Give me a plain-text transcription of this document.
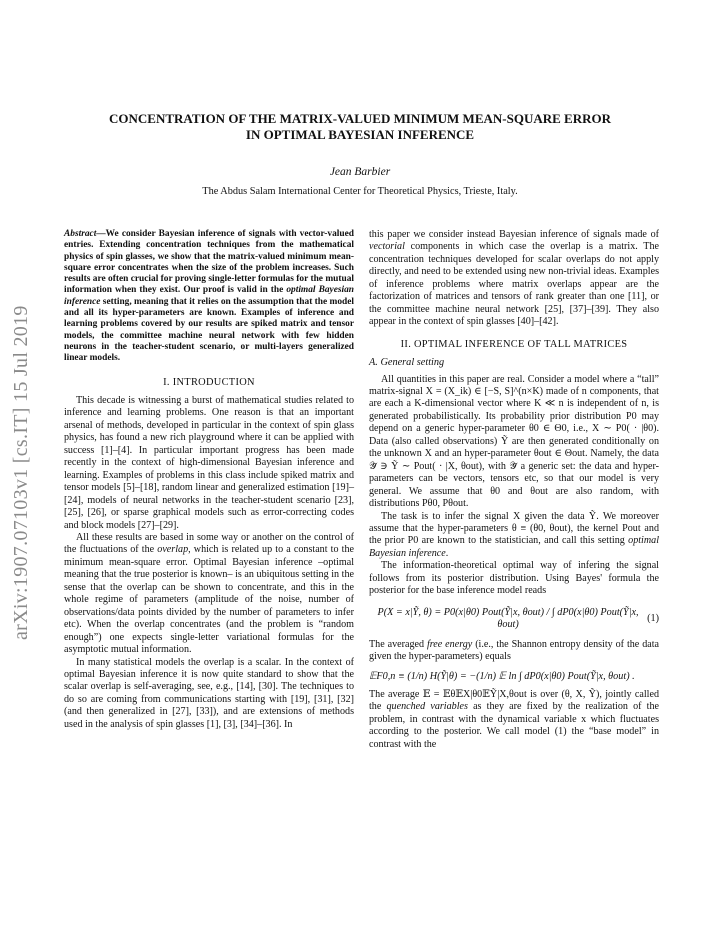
arXiv:1907.07103v1 [cs.IT] 15 Jul 2019
CONCENTRATION OF THE MATRIX-VALUED MINIMUM MEAN-SQUARE ERROR
IN OPTIMAL BAYESIAN INFERENCE
Jean Barbier
The Abdus Salam International Center for Theoretical Physics, Trieste, Italy.
Abstract—We consider Bayesian inference of signals with vector-valued entries. Extending concentration techniques from the mathematical physics of spin glasses, we show that the matrix-valued minimum mean-square error concentrates when the size of the problem increases. Such results are often crucial for proving single-letter formulas for the mutual information when they exist. Our proof is valid in the optimal Bayesian inference setting, meaning that it relies on the assumption that the model and all its hyper-parameters are known. Examples of inference and learning problems covered by our results are spiked matrix and tensor models, the committee machine neural network with few hidden neurons in the teacher-student scenario, or multi-layers generalized linear models.
I. INTRODUCTION

This decade is witnessing a burst of mathematical studies related to inference and learning problems. One reason is that an important arsenal of methods, developed in particular in the context of spin glass physics, has found a new rich playground where it can be applied with success [1]–[4]. In particular important progress has been made recently in the context of high-dimensional Bayesian inference and learning. Examples of problems in this class include spiked matrix and tensor models [5]–[18], random linear and generalized estimation [19]–[24], models of neural networks in the teacher-student scenario [23], [25], [26], or sparse graphical models such as error-correcting codes and block models [27]–[29].

All these results are based in some way or another on the control of the fluctuations of the overlap, which is related up to a constant to the minimum mean-square error. Optimal Bayesian inference –optimal meaning that the true posterior is known– is an ubiquitous setting in the sense that the overlap can be shown to concentrate, and this in the whole regime of parameters (amplitude of the noise, number of observations/data points divided by the number of parameters to infer etc). When the overlap concentrates (and the problem is “random enough”) one expects single-letter variational formulas for the asymptotic mutual information.

In many statistical models the overlap is a scalar. In the context of optimal Bayesian inference it is now quite standard to show that the scalar overlap is self-averaging, see, e.g., [14], [30]. The techniques to do so are coming from communications starting with [19], [31], [32] (and then generalized in [27], [33]), and are extensions of methods used in the analysis of spin glasses [1], [3], [34]–[36]. In

this paper we consider instead Bayesian inference of signals made of vectorial components in which case the overlap is a matrix. The concentration techniques developed for scalar overlaps do not apply directly, and need to be extended using new non-trivial ideas. Examples of inference problems where matrix overlaps appear are the factorization of matrices and tensors of rank greater than one [11], or the committee machine neural network [25], [37]–[39]. They also appear in the context of spin glasses [40]–[42].

II. OPTIMAL INFERENCE OF TALL MATRICES
A. General setting

All quantities in this paper are real. Consider a model where a “tall” matrix-signal X = (X_ik) ∈ [−S, S]^(n×K) made of n components, that are each a K-dimensional vector where K ≪ n is independent of n, is generated probabilistically. Its probability prior distribution P0 may depend on a generic hyper-parameter θ0 ∈ Θ0, i.e., X ∼ P0( · |θ0). Data (also called observations) Ỹ are then generated conditionally on the unknown X and an hyper-parameter θout ∈ Θout. Namely, the data 𝒴̃ ∋ Ỹ ∼ Pout( · |X, θout), with 𝒴̃ a generic set: the data and hyper-parameters can be vectors, tensors etc, so that our model is very general. We assume that θ0 and θout are also random, with distributions Pθ0, Pθout.

The task is to infer the signal X given the data Ỹ. We moreover assume that the hyper-parameters θ ≡ (θ0, θout), the kernel Pout and the prior P0 are known to the statistician, and call this setting optimal Bayesian inference.

The information-theoretical optimal way of infering the signal follows from its posterior distribution. Using Bayes' formula the posterior for the base inference model reads

P(X = x|Ỹ, θ) = P0(x|θ0) Pout(Ỹ|x, θout) / ∫ dP0(x|θ0) Pout(Ỹ|x, θout)
(1)

The averaged free energy (i.e., the Shannon entropy density of the data given the hyper-parameters) equals

𝔼F0,n ≡ (1/n) H(Ỹ|θ) = −(1/n) 𝔼 ln ∫ dP0(x|θ0) Pout(Ỹ|x, θout) .

The average 𝔼 = 𝔼θ𝔼X|θ0𝔼Ỹ|X,θout is over (θ, X, Ỹ), jointly called the quenched variables as they are fixed by the realization of the problem, in contrast with the dynamical variable x which fluctuates according to the posterior. We call model (1) the “base model” in contrast with the
